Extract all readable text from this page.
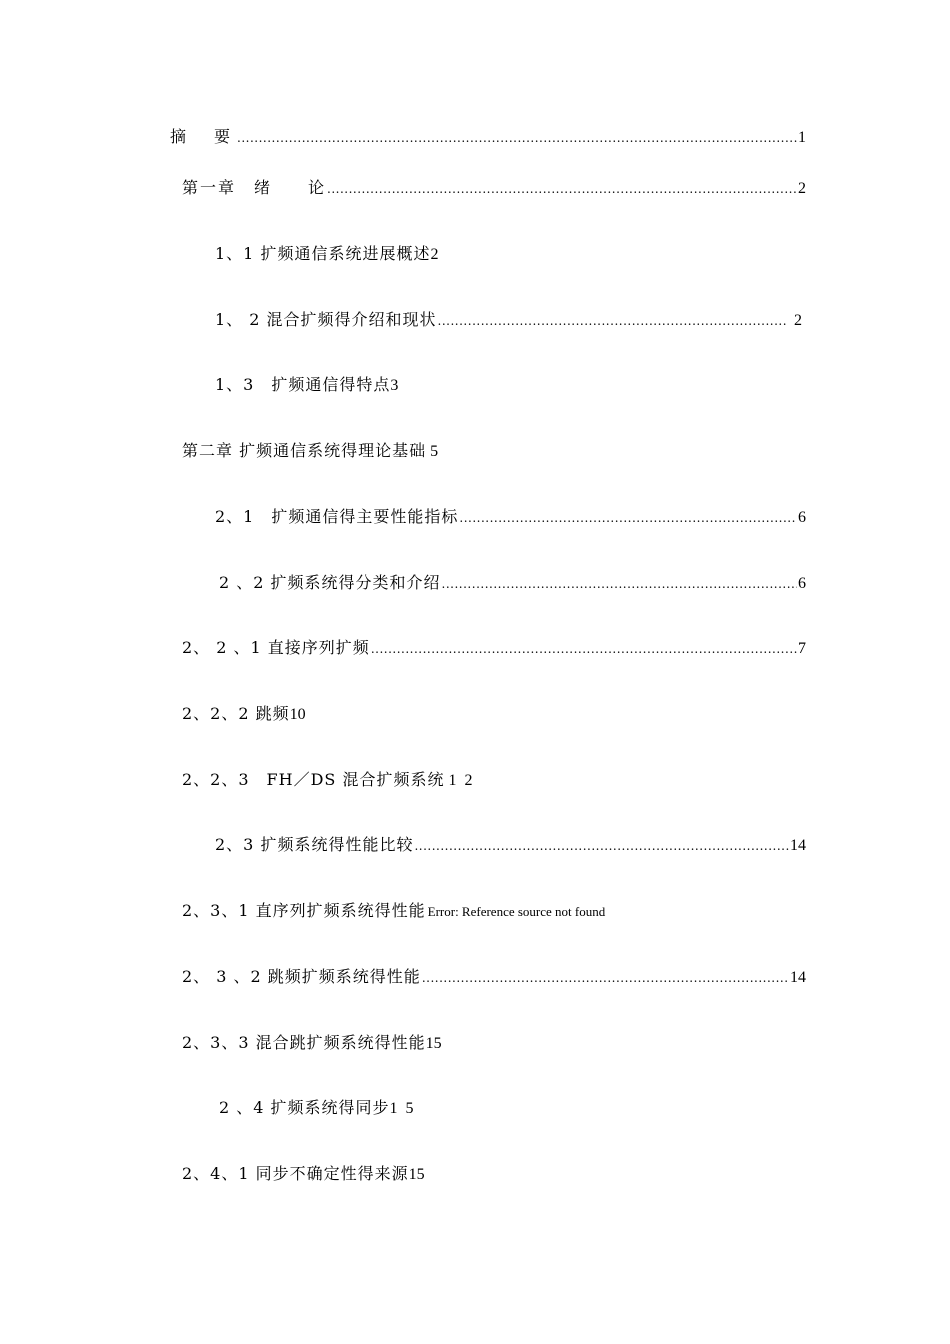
摘　要 .....	1
第一章　绪　　论 .....	2
1、1 扩频通信系统进展概述 2
1、 2 混合扩频得介绍和现状 .....	2
1、3　扩频通信得特点 3
第二章 扩频通信系统得理论基础 5
2、1　扩频通信得主要性能指标 .....	6
2 、2 扩频系统得分类和介绍 .....	6
2、 2 、1 直接序列扩频 .....	7
2、2、2 跳频 10
2、2、3　FH／DS 混合扩频系统 1 2
2、3 扩频系统得性能比较 .....	14
2、3、1 直序列扩频系统得性能 Error: Reference source not found
2、 3 、2 跳频扩频系统得性能 .....	14
2、3、3 混合跳扩频系统得性能 15
2 、4 扩频系统得同步 1 5
2、4、1 同步不确定性得来源 15
